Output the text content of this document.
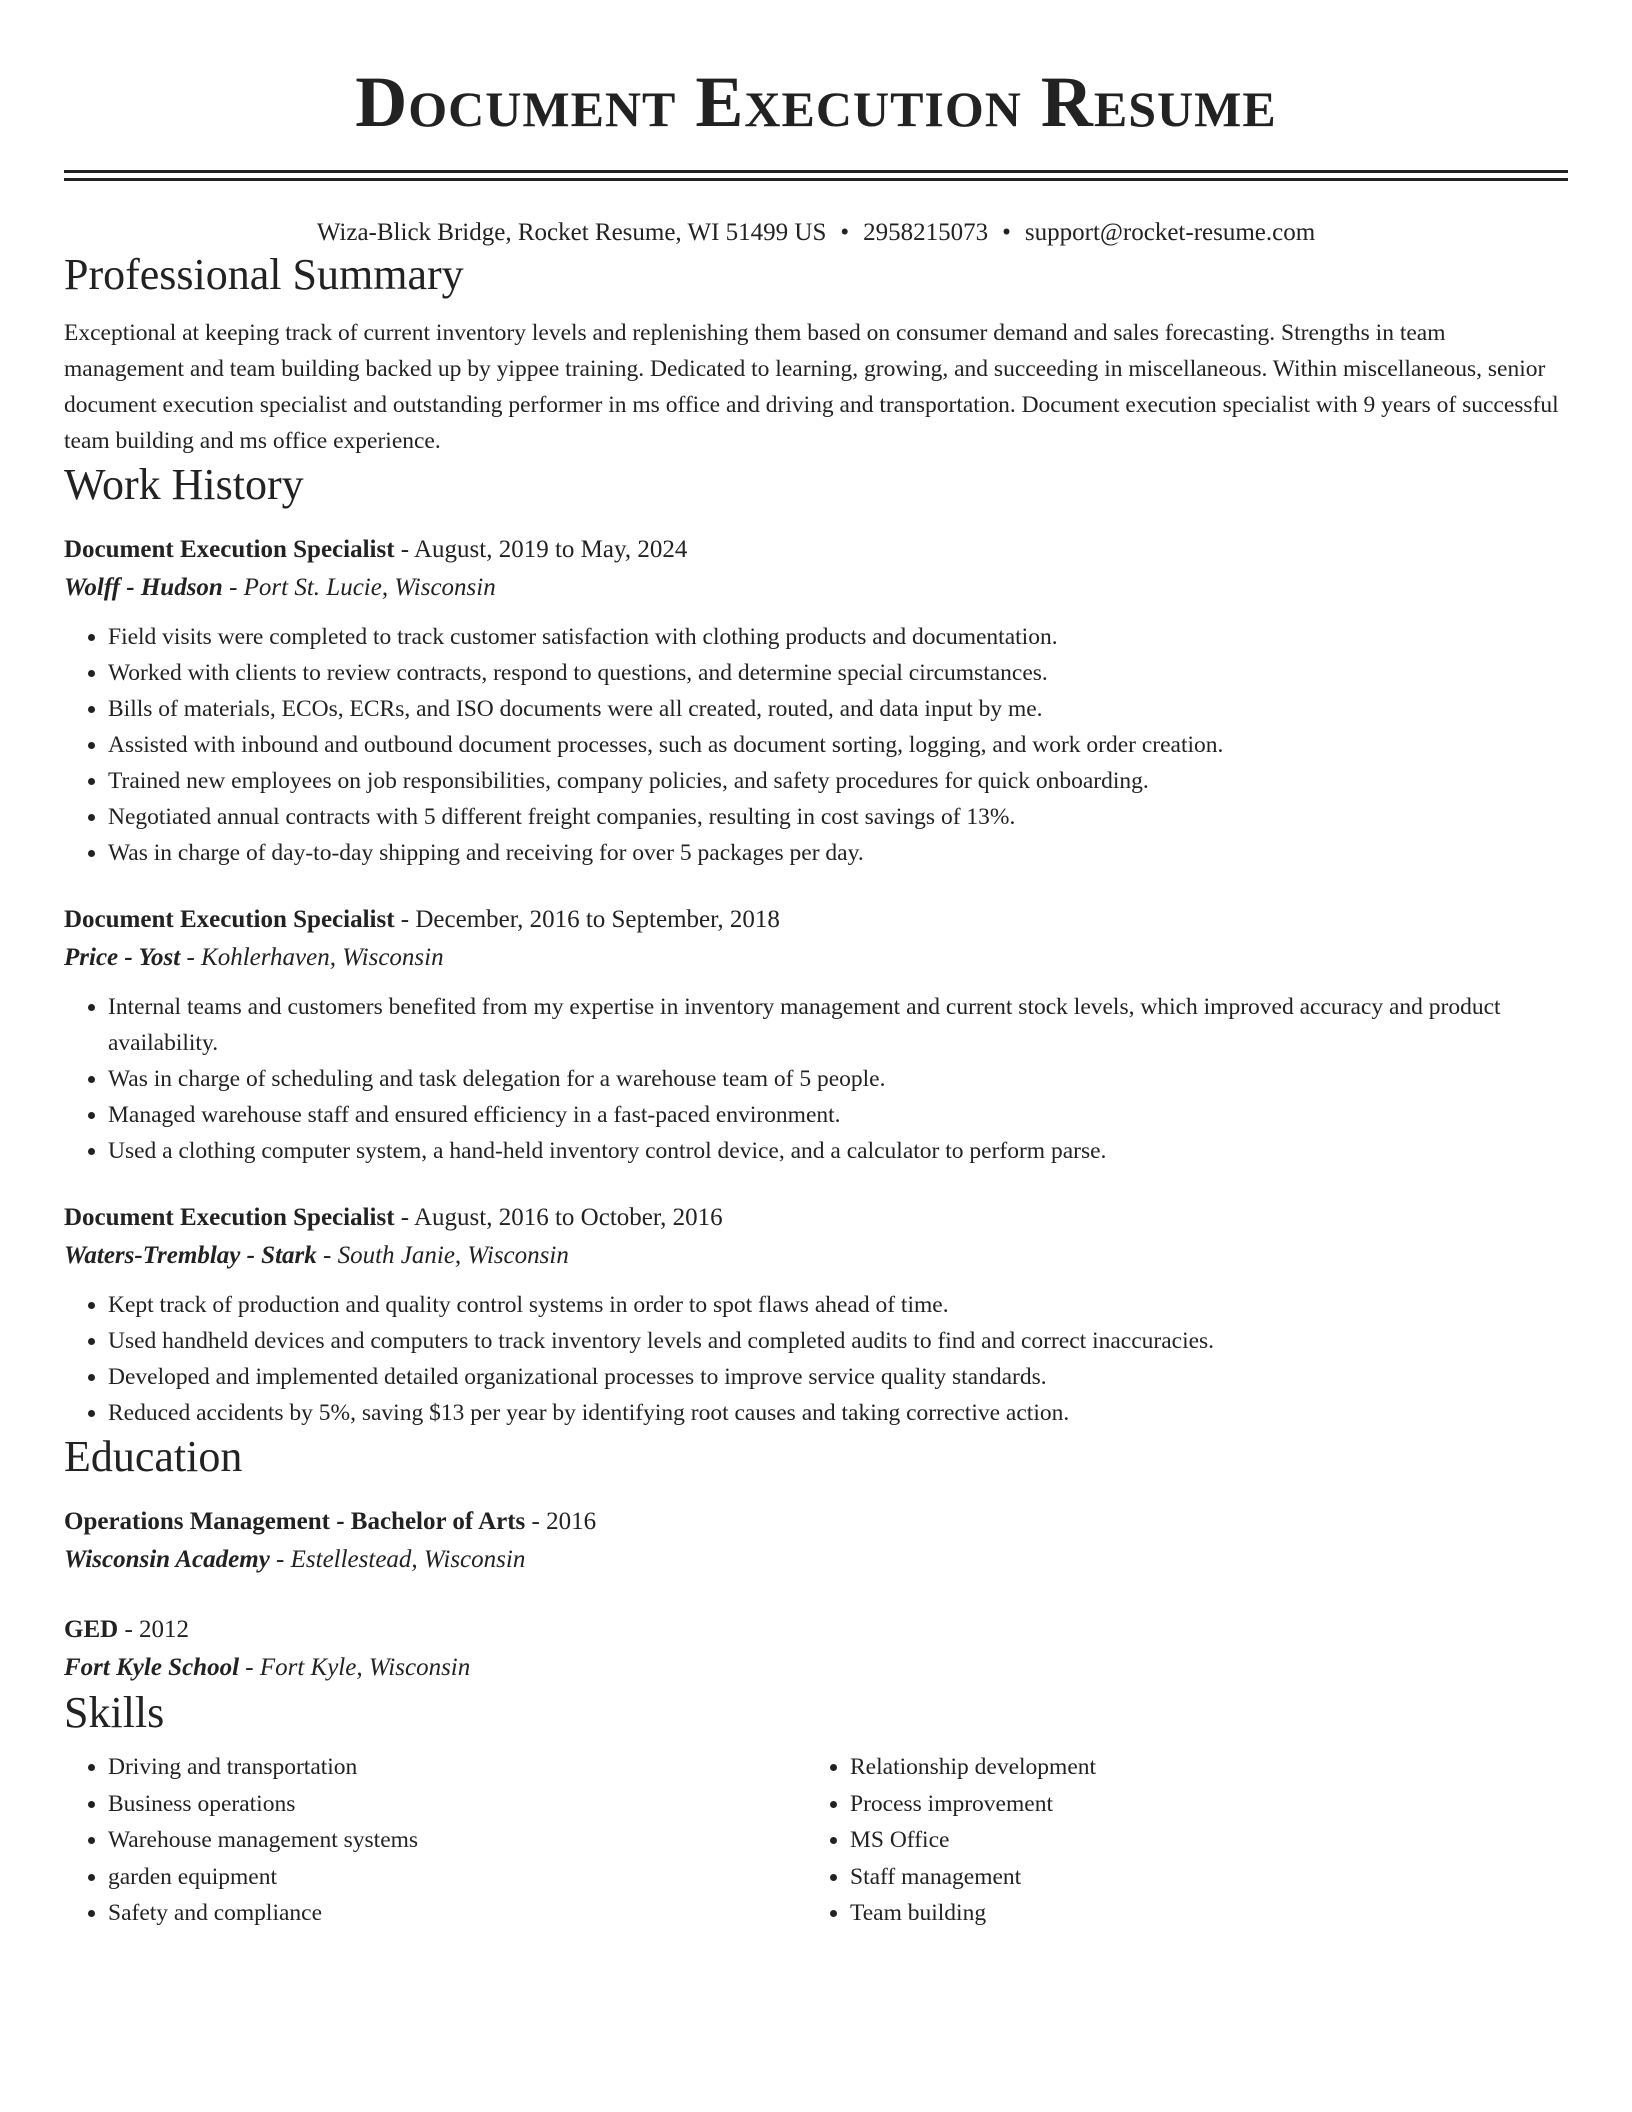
Document Execution Resume
Wiza-Blick Bridge, Rocket Resume, WI 51499 US • 2958215073 • support@rocket-resume.com
Professional Summary

Exceptional at keeping track of current inventory levels and replenishing them based on consumer demand and sales forecasting. Strengths in team management and team building backed up by yippee training. Dedicated to learning, growing, and succeeding in miscellaneous. Within miscellaneous, senior document execution specialist and outstanding performer in ms office and driving and transportation. Document execution specialist with 9 years of successful team building and ms office experience.

Work History
Document Execution Specialist - August, 2019 to May, 2024
Wolff - Hudson - Port St. Lucie, Wisconsin
• Field visits were completed to track customer satisfaction with clothing products and documentation.
• Worked with clients to review contracts, respond to questions, and determine special circumstances.
• Bills of materials, ECOs, ECRs, and ISO documents were all created, routed, and data input by me.
• Assisted with inbound and outbound document processes, such as document sorting, logging, and work order creation.
• Trained new employees on job responsibilities, company policies, and safety procedures for quick onboarding.
• Negotiated annual contracts with 5 different freight companies, resulting in cost savings of 13%.
• Was in charge of day-to-day shipping and receiving for over 5 packages per day.
Document Execution Specialist - December, 2016 to September, 2018
Price - Yost - Kohlerhaven, Wisconsin
• Internal teams and customers benefited from my expertise in inventory management and current stock levels, which improved accuracy and product availability.
• Was in charge of scheduling and task delegation for a warehouse team of 5 people.
• Managed warehouse staff and ensured efficiency in a fast-paced environment.
• Used a clothing computer system, a hand-held inventory control device, and a calculator to perform parse.
Document Execution Specialist - August, 2016 to October, 2016
Waters-Tremblay - Stark - South Janie, Wisconsin
• Kept track of production and quality control systems in order to spot flaws ahead of time.
• Used handheld devices and computers to track inventory levels and completed audits to find and correct inaccuracies.
• Developed and implemented detailed organizational processes to improve service quality standards.
• Reduced accidents by 5%, saving $13 per year by identifying root causes and taking corrective action.
Education
Operations Management - Bachelor of Arts - 2016
Wisconsin Academy - Estellestead, Wisconsin
GED - 2012
Fort Kyle School - Fort Kyle, Wisconsin
Skills
• Driving and transportation
• Business operations
• Warehouse management systems
• garden equipment
• Safety and compliance
• Relationship development
• Process improvement
• MS Office
• Staff management
• Team building
